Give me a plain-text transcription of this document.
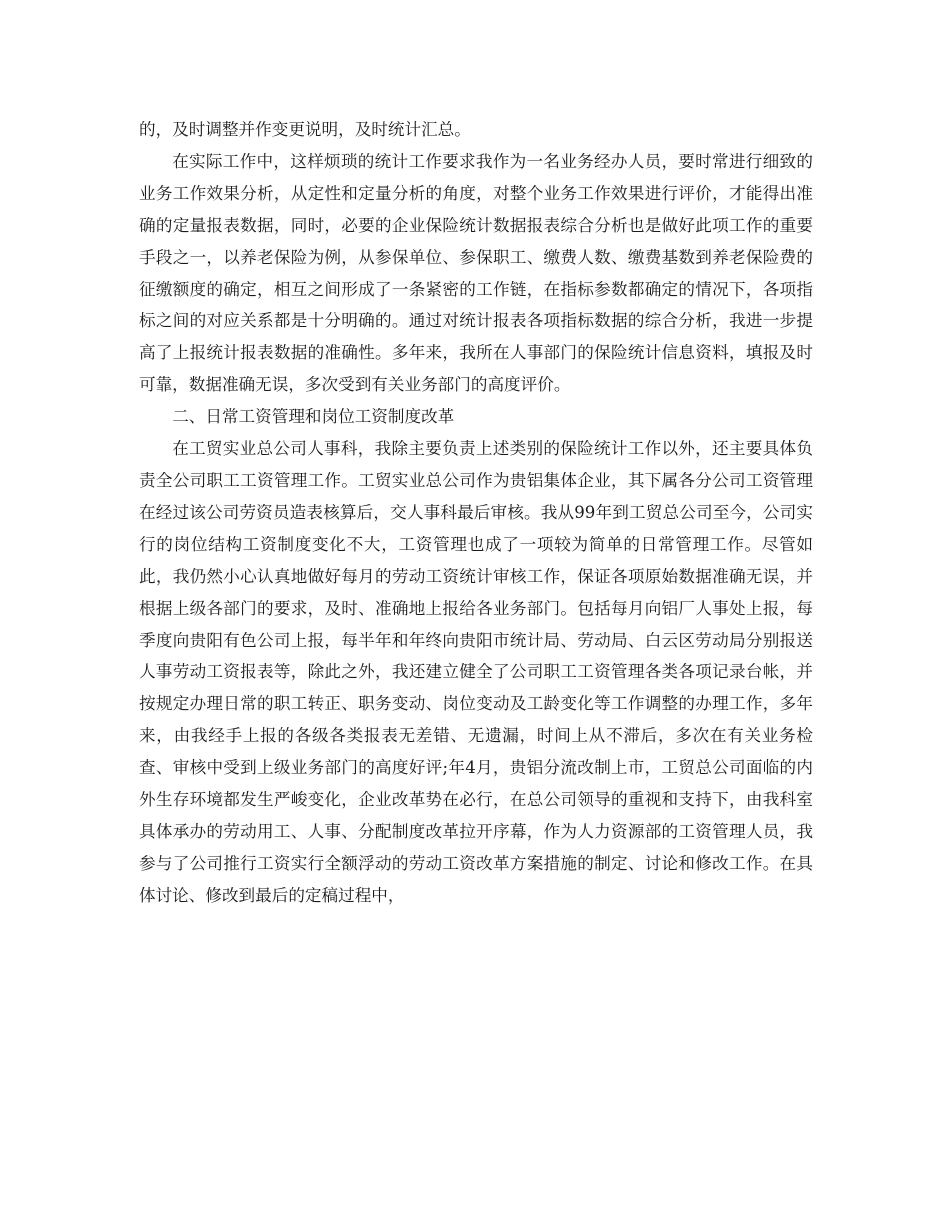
的，及时调整并作变更说明，及时统计汇总。

在实际工作中，这样烦琐的统计工作要求我作为一名业务经办人员，要时常进行细致的业务工作效果分析，从定性和定量分析的角度，对整个业务工作效果进行评价，才能得出准确的定量报表数据，同时，必要的企业保险统计数据报表综合分析也是做好此项工作的重要手段之一，以养老保险为例，从参保单位、参保职工、缴费人数、缴费基数到养老保险费的征缴额度的确定，相互之间形成了一条紧密的工作链，在指标参数都确定的情况下，各项指标之间的对应关系都是十分明确的。通过对统计报表各项指标数据的综合分析，我进一步提高了上报统计报表数据的准确性。多年来，我所在人事部门的保险统计信息资料，填报及时可靠，数据准确无误，多次受到有关业务部门的高度评价。

二、日常工资管理和岗位工资制度改革

在工贸实业总公司人事科，我除主要负责上述类别的保险统计工作以外，还主要具体负责全公司职工工资管理工作。工贸实业总公司作为贵铝集体企业，其下属各分公司工资管理在经过该公司劳资员造表核算后，交人事科最后审核。我从99年到工贸总公司至今，公司实行的岗位结构工资制度变化不大，工资管理也成了一项较为简单的日常管理工作。尽管如此，我仍然小心认真地做好每月的劳动工资统计审核工作，保证各项原始数据准确无误，并根据上级各部门的要求，及时、准确地上报给各业务部门。包括每月向铝厂人事处上报，每季度向贵阳有色公司上报，每半年和年终向贵阳市统计局、劳动局、白云区劳动局分别报送人事劳动工资报表等，除此之外，我还建立健全了公司职工工资管理各类各项记录台帐，并按规定办理日常的职工转正、职务变动、岗位变动及工龄变化等工作调整的办理工作，多年来，由我经手上报的各级各类报表无差错、无遗漏，时间上从不滞后，多次在有关业务检查、审核中受到上级业务部门的高度好评;年4月，贵铝分流改制上市，工贸总公司面临的内外生存环境都发生严峻变化，企业改革势在必行，在总公司领导的重视和支持下，由我科室具体承办的劳动用工、人事、分配制度改革拉开序幕，作为人力资源部的工资管理人员，我参与了公司推行工资实行全额浮动的劳动工资改革方案措施的制定、讨论和修改工作。在具体讨论、修改到最后的定稿过程中，
